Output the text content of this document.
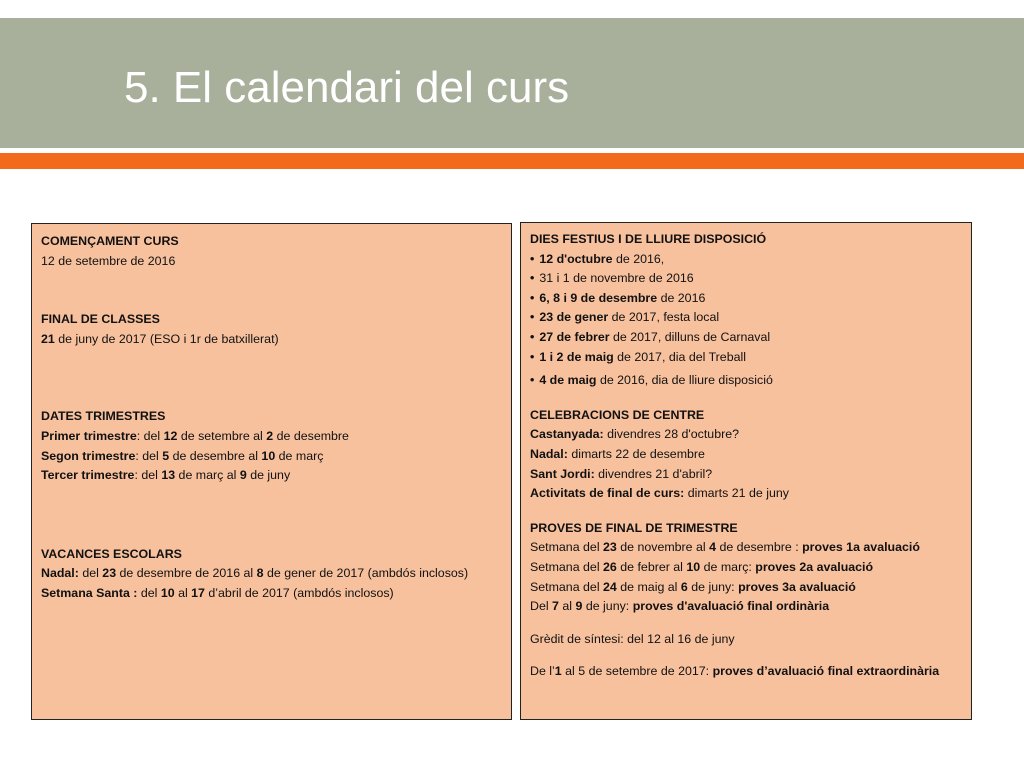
5. El calendari del curs
COMENÇAMENT CURS
12 de setembre de 2016
FINAL DE CLASSES
21 de juny de 2017 (ESO i 1r de batxillerat)
DATES TRIMESTRES
Primer trimestre: del 12 de setembre al 2 de desembre
Segon trimestre: del 5 de desembre al 10 de març
Tercer trimestre: del 13 de març al 9 de juny
VACANCES ESCOLARS
Nadal: del 23 de desembre de 2016 al 8 de gener de 2017 (ambdós inclosos)
Setmana Santa : del 10 al 17 d’abril de 2017 (ambdós inclosos)
DIES FESTIUS I DE LLIURE DISPOSICIÓ
• 12 d'octubre de 2016,
• 31 i 1 de novembre de 2016
• 6, 8 i 9 de desembre de 2016
• 23 de gener de 2017, festa local
• 27 de febrer de 2017, dilluns de Carnaval
• 1 i 2 de maig de 2017, dia del Treball
• 4 de maig de 2016, dia de lliure disposició
CELEBRACIONS DE CENTRE
Castanyada: divendres 28 d'octubre?
Nadal: dimarts 22 de desembre
Sant Jordi: divendres 21 d'abril?
Activitats de final de curs: dimarts 21 de juny
PROVES DE FINAL DE TRIMESTRE
Setmana del 23 de novembre al 4 de desembre : proves 1a avaluació
Setmana del 26 de febrer al 10 de març: proves 2a avaluació
Setmana del 24 de maig al 6 de juny: proves 3a avaluació
Del 7 al 9 de juny: proves d'avaluació final ordinària
Grèdit de síntesi: del 12 al 16 de juny
De l’1 al 5 de setembre de 2017: proves d’avaluació final extraordinària
